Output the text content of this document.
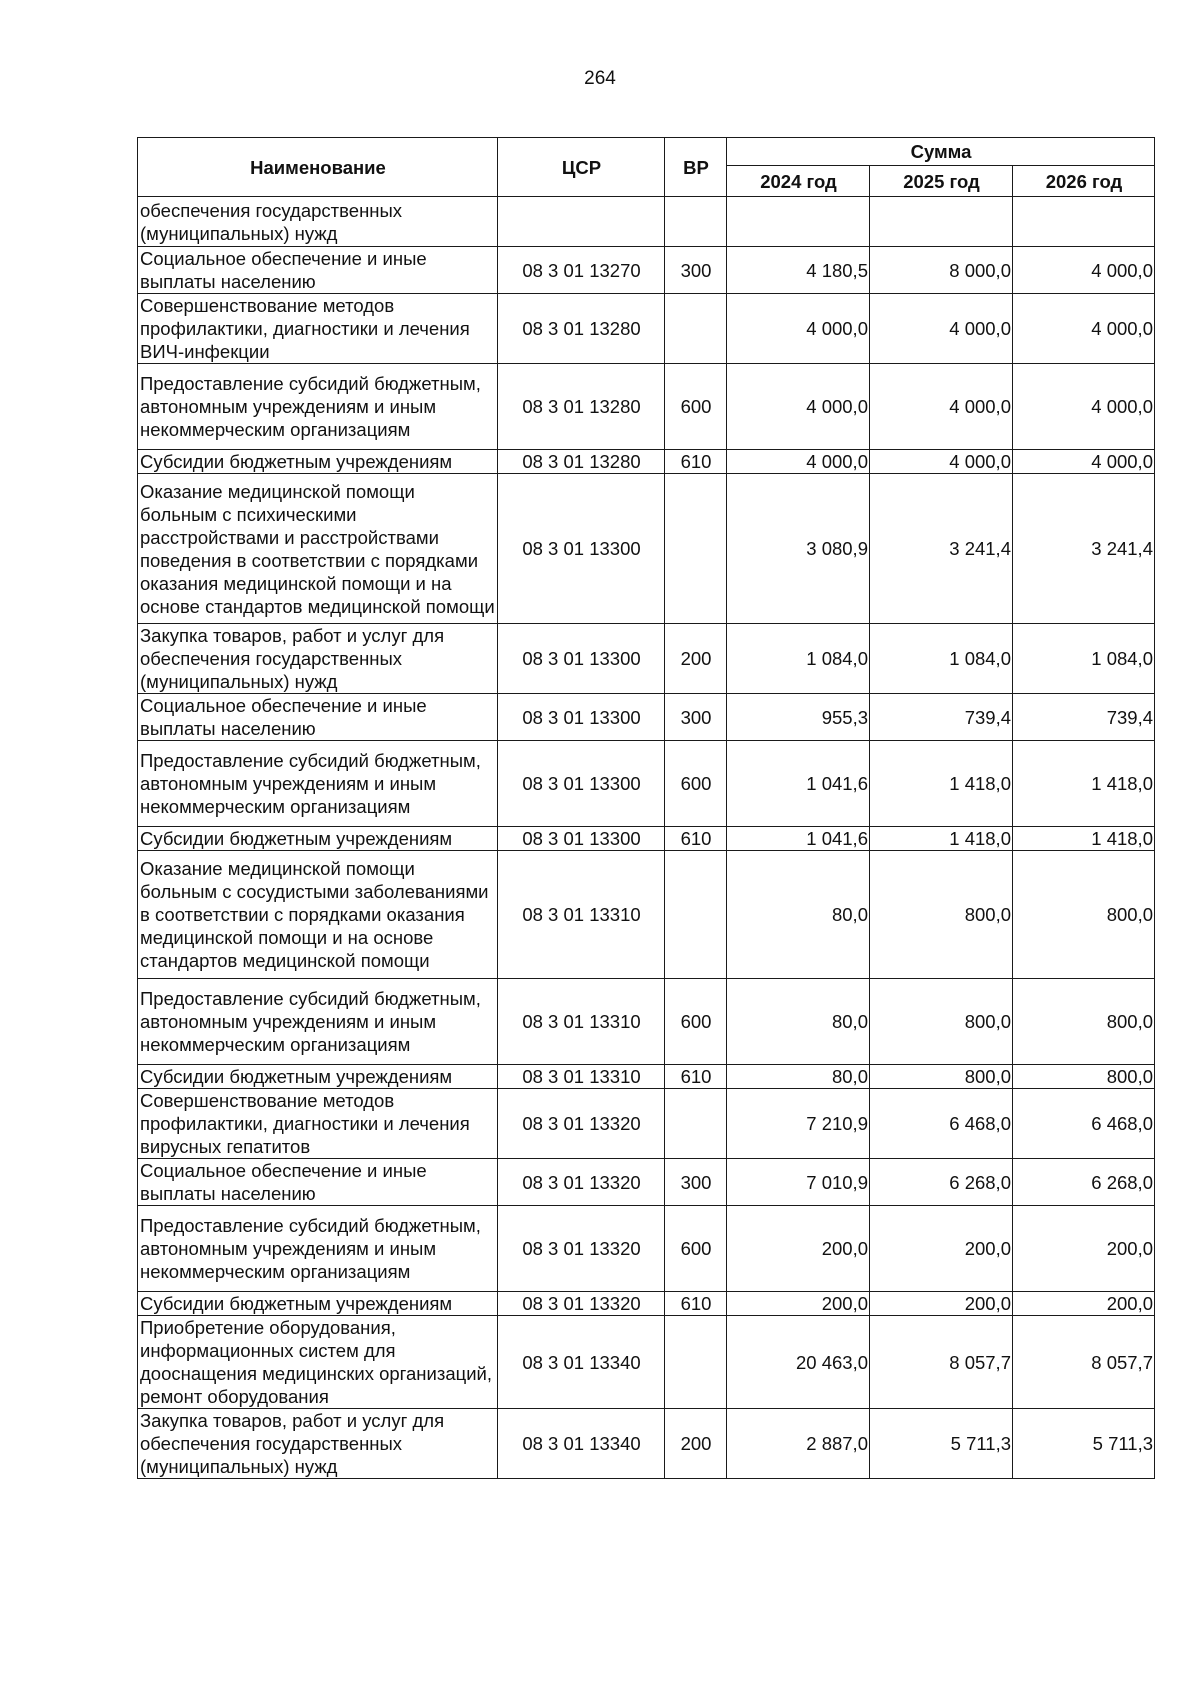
264
Наименование	ЦСР	ВР	Сумма		
			2024 год	2025 год	2026 год
обеспечения государственных (муниципальных) нужд					
Социальное обеспечение и иные выплаты населению	08 3 01 13270	300	4 180,5	8 000,0	4 000,0
Совершенствование методов профилактики, диагностики и лечения ВИЧ-инфекции	08 3 01 13280		4 000,0	4 000,0	4 000,0
Предоставление субсидий бюджетным, автономным учреждениям и иным некоммерческим организациям	08 3 01 13280	600	4 000,0	4 000,0	4 000,0
Субсидии бюджетным учреждениям	08 3 01 13280	610	4 000,0	4 000,0	4 000,0
Оказание медицинской помощи больным с психическими расстройствами и расстройствами поведения в соответствии с порядками оказания медицинской помощи и на основе стандартов медицинской помощи	08 3 01 13300		3 080,9	3 241,4	3 241,4
Закупка товаров, работ и услуг для обеспечения государственных (муниципальных) нужд	08 3 01 13300	200	1 084,0	1 084,0	1 084,0
Социальное обеспечение и иные выплаты населению	08 3 01 13300	300	955,3	739,4	739,4
Предоставление субсидий бюджетным, автономным учреждениям и иным некоммерческим организациям	08 3 01 13300	600	1 041,6	1 418,0	1 418,0
Субсидии бюджетным учреждениям	08 3 01 13300	610	1 041,6	1 418,0	1 418,0
Оказание медицинской помощи больным с сосудистыми заболеваниями в соответствии с порядками оказания медицинской помощи и на основе стандартов медицинской помощи	08 3 01 13310		80,0	800,0	800,0
Предоставление субсидий бюджетным, автономным учреждениям и иным некоммерческим организациям	08 3 01 13310	600	80,0	800,0	800,0
Субсидии бюджетным учреждениям	08 3 01 13310	610	80,0	800,0	800,0
Совершенствование методов профилактики, диагностики и лечения вирусных гепатитов	08 3 01 13320		7 210,9	6 468,0	6 468,0
Социальное обеспечение и иные выплаты населению	08 3 01 13320	300	7 010,9	6 268,0	6 268,0
Предоставление субсидий бюджетным, автономным учреждениям и иным некоммерческим организациям	08 3 01 13320	600	200,0	200,0	200,0
Субсидии бюджетным учреждениям	08 3 01 13320	610	200,0	200,0	200,0
Приобретение оборудования, информационных систем для дооснащения медицинских организаций, ремонт оборудования	08 3 01 13340		20 463,0	8 057,7	8 057,7
Закупка товаров, работ и услуг для обеспечения государственных (муниципальных) нужд	08 3 01 13340	200	2 887,0	5 711,3	5 711,3
